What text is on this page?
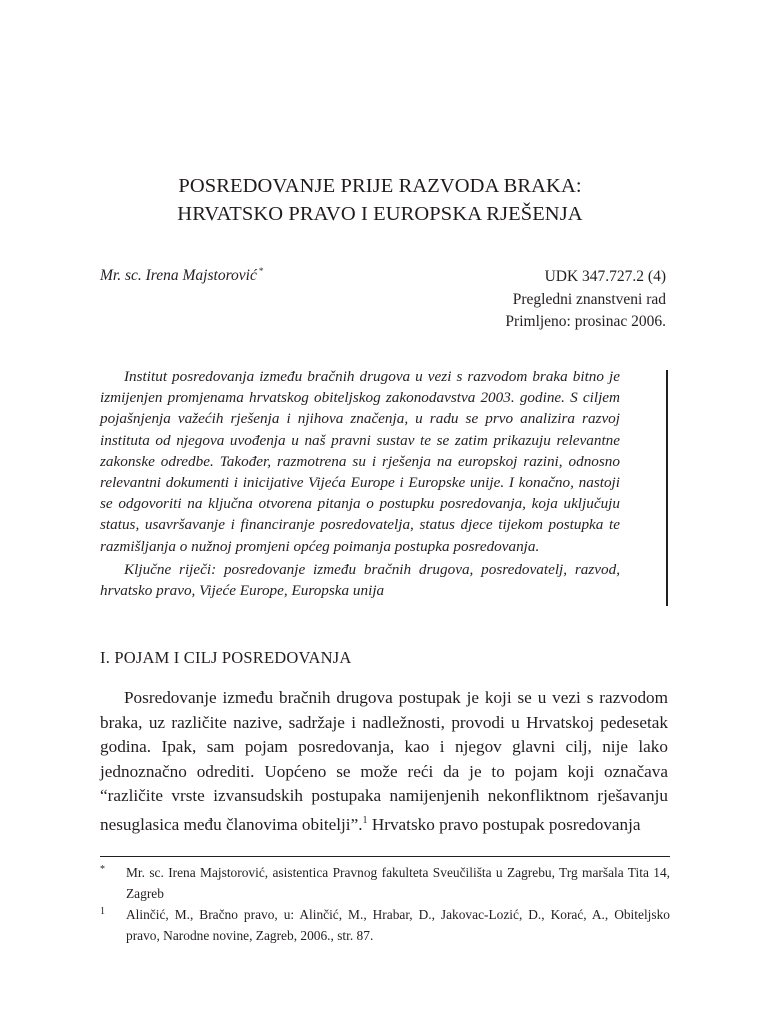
POSREDOVANJE PRIJE RAZVODA BRAKA:
HRVATSKO PRAVO I EUROPSKA RJEŠENJA
Mr. sc. Irena Majstorović *	UDK 347.727.2 (4)
Pregledni znanstveni rad
Primljeno: prosinac 2006.

Institut posredovanja između bračnih drugova u vezi s razvodom braka bitno je izmijenjen promjenama hrvatskog obiteljskog zakonodavstva 2003. godine. S ciljem pojašnjenja važećih rješenja i njihova značenja, u radu se prvo analizira razvoj instituta od njegova uvođenja u naš pravni sustav te se zatim prikazuju relevantne zakonske odredbe. Također, razmotrena su i rješenja na europskoj razini, odnosno relevantni dokumenti i inicijative Vijeća Europe i Europske unije. I konačno, nastoji se odgovoriti na ključna otvorena pitanja o postupku posredovanja, koja uključuju status, usavršavanje i financiranje posredovatelja, status djece tijekom postupka te razmišljanja o nužnoj promjeni općeg poimanja postupka posredovanja.

Ključne riječi: posredovanje između bračnih drugova, posredovatelj, razvod, hrvatsko pravo, Vijeće Europe, Europska unija

I. POJAM I CILJ POSREDOVANJA

Posredovanje između bračnih drugova postupak je koji se u vezi s razvodom braka, uz različite nazive, sadržaje i nadležnosti, provodi u Hrvatskoj pedesetak godina. Ipak, sam pojam posredovanja, kao i njegov glavni cilj, nije lako jednoznačno odrediti. Uopćeno se može reći da je to pojam koji označava “različite vrste izvansudskih postupaka namijenjenih nekonfliktnom rješavanju nesuglasica među članovima obitelji”.$^1$ Hrvatsko pravo postupak posredovanja

* Mr. sc. Irena Majstorović, asistentica Pravnog fakulteta Sveučilišta u Zagrebu, Trg maršala Tita 14, Zagreb
1 Alinčić, M., Bračno pravo, u: Alinčić, M., Hrabar, D., Jakovac-Lozić, D., Korać, A., Obiteljsko pravo, Narodne novine, Zagreb, 2006., str. 87.
